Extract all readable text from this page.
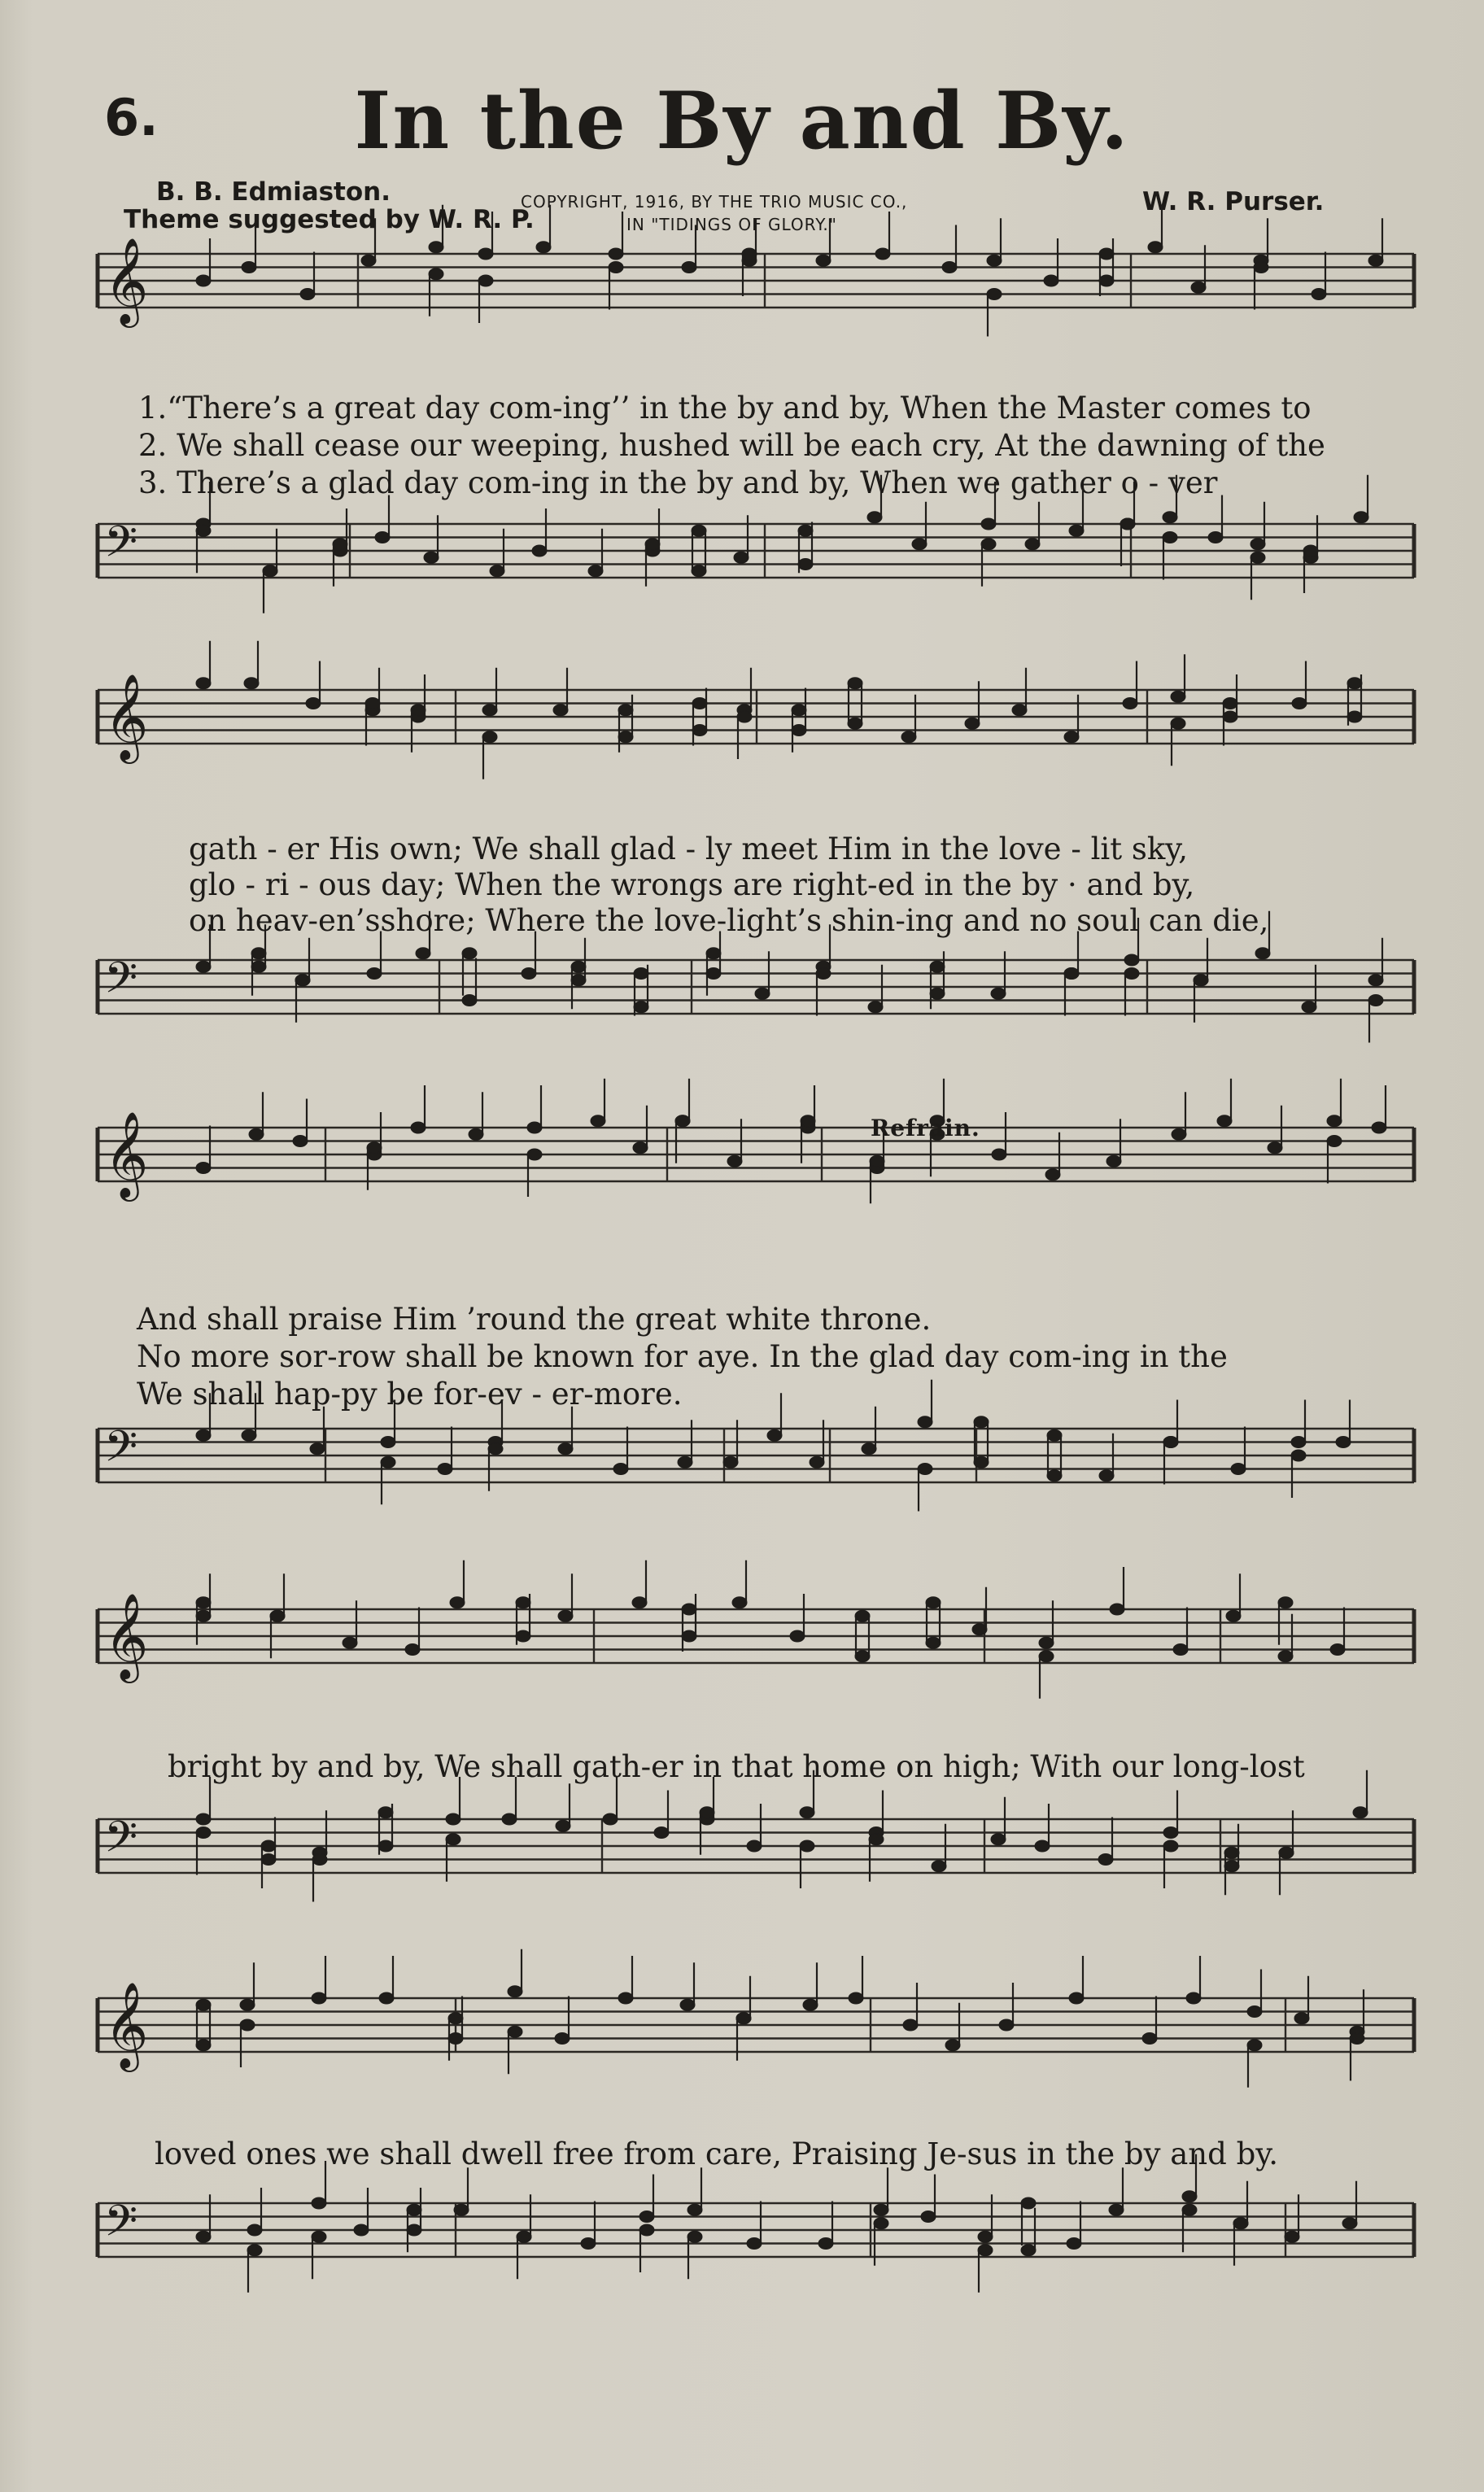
6.	In the By and By.
B. B. Edmiaston.
Theme suggested by W. R. P.
COPYRIGHT, 1916, BY THE TRIO MUSIC CO.,
IN "TIDINGS OF GLORY."
W. R. Purser.
𝄞
𝄢
𝄞
𝄢
𝄞
𝄢
𝄞
𝄢
𝄞
𝄢
1.“There’s a great day com-ing’’ in the by and by, When the Master comes to
2. We shall cease our weeping, hushed will be each cry, At the dawning of the
3. There’s a glad day com-ing in the by and by, When we gather o - ver
gath - er His own; We shall glad - ly meet Him in the love - lit sky,
glo - ri - ous day; When the wrongs are right-ed in the by · and by,
on heav-en’sshore; Where the love-light’s shin-ing and no soul can die,
Refrain.
And shall praise Him ’round the great white throne.
No more sor-row shall be known for aye. In the glad day com-ing in the
We shall hap-py be for-ev - er-more.
bright by and by, We shall gath-er in that home on high; With our long-lost
loved ones we shall dwell free from care, Praising Je-sus in the by and by.
